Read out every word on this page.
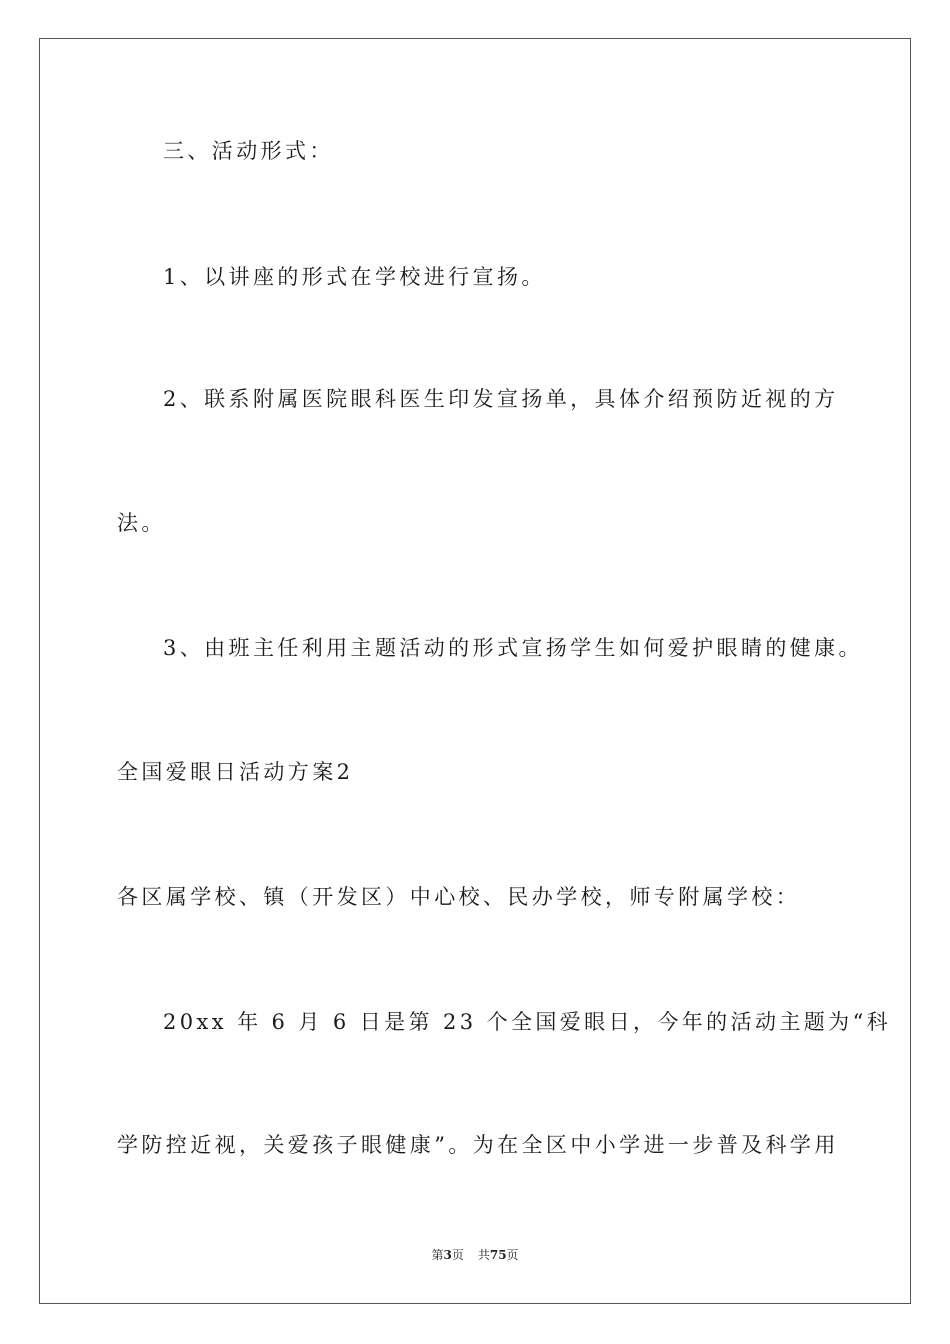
三、活动形式：
1、以讲座的形式在学校进行宣扬。
2、联系附属医院眼科医生印发宣扬单，具体介绍预防近视的方
法。
3、由班主任利用主题活动的形式宣扬学生如何爱护眼睛的健康。
全国爱眼日活动方案2
各区属学校、镇（开发区）中心校、民办学校，师专附属学校：
20xx 年 6 月 6 日是第 23 个全国爱眼日，今年的活动主题为“科
学防控近视，关爱孩子眼健康”。为在全区中小学进一步普及科学用
第3页 共75页
